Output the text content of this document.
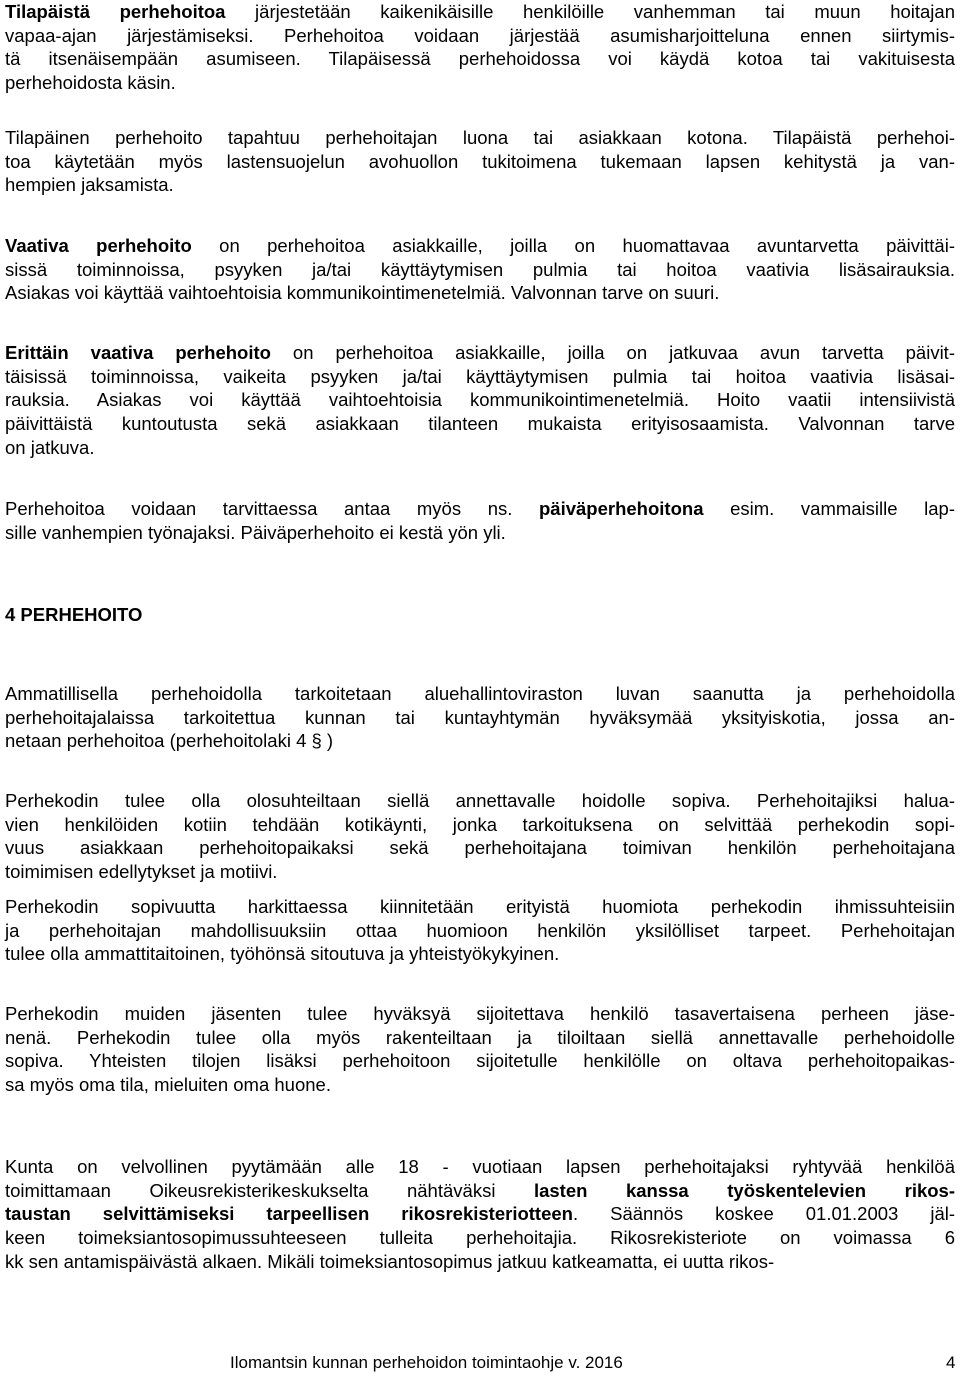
Tilapäistä perhehoitoa järjestetään kaikenikäisille henkilöille vanhemman tai muun hoitajan
vapaa-ajan järjestämiseksi. Perhehoitoa voidaan järjestää asumisharjoitteluna ennen siirtymis-
tä itsenäisempään asumiseen. Tilapäisessä perhehoidossa voi käydä kotoa tai vakituisesta
perhehoidosta käsin.
Tilapäinen perhehoito tapahtuu perhehoitajan luona tai asiakkaan kotona. Tilapäistä perhehoi-
toa käytetään myös lastensuojelun avohuollon tukitoimena tukemaan lapsen kehitystä ja van-
hempien jaksamista.
Vaativa perhehoito on perhehoitoa asiakkaille, joilla on huomattavaa avuntarvetta päivittäi-
sissä toiminnoissa, psyyken ja/tai käyttäytymisen pulmia tai hoitoa vaativia lisäsairauksia.
Asiakas voi käyttää vaihtoehtoisia kommunikointimenetelmiä. Valvonnan tarve on suuri.
Erittäin vaativa perhehoito on perhehoitoa asiakkaille, joilla on jatkuvaa avun tarvetta päivit-
täisissä toiminnoissa, vaikeita psyyken ja/tai käyttäytymisen pulmia tai hoitoa vaativia lisäsai-
rauksia. Asiakas voi käyttää vaihtoehtoisia kommunikointimenetelmiä. Hoito vaatii intensiivistä
päivittäistä kuntoutusta sekä asiakkaan tilanteen mukaista erityisosaamista. Valvonnan tarve
on jatkuva.
Perhehoitoa voidaan tarvittaessa antaa myös ns. päiväperhehoitona esim. vammaisille lap-
sille vanhempien työnajaksi. Päiväperhehoito ei kestä yön yli.
Ammatillisella perhehoidolla tarkoitetaan aluehallintoviraston luvan saanutta ja perhehoidolla
perhehoitajalaissa tarkoitettua kunnan tai kuntayhtymän hyväksymää yksityiskotia, jossa an-
netaan perhehoitoa (perhehoitolaki 4 § )
Perhekodin tulee olla olosuhteiltaan siellä annettavalle hoidolle sopiva. Perhehoitajiksi halua-
vien henkilöiden kotiin tehdään kotikäynti, jonka tarkoituksena on selvittää perhekodin sopi-
vuus asiakkaan perhehoitopaikaksi sekä perhehoitajana toimivan henkilön perhehoitajana
toimimisen edellytykset ja motiivi.
Perhekodin sopivuutta harkittaessa kiinnitetään erityistä huomiota perhekodin ihmissuhteisiin
ja perhehoitajan mahdollisuuksiin ottaa huomioon henkilön yksilölliset tarpeet. Perhehoitajan
tulee olla ammattitaitoinen, työhönsä sitoutuva ja yhteistyökykyinen.
Perhekodin muiden jäsenten tulee hyväksyä sijoitettava henkilö tasavertaisena perheen jäse-
nenä. Perhekodin tulee olla myös rakenteiltaan ja tiloiltaan siellä annettavalle perhehoidolle
sopiva. Yhteisten tilojen lisäksi perhehoitoon sijoitetulle henkilölle on oltava perhehoitopaikas-
sa myös oma tila, mieluiten oma huone.
Kunta on velvollinen pyytämään alle 18 - vuotiaan lapsen perhehoitajaksi ryhtyvää henkilöä
toimittamaan Oikeusrekisterikeskukselta nähtäväksi lasten kanssa työskentelevien rikos-
taustan selvittämiseksi tarpeellisen rikosrekisteriotteen. Säännös koskee 01.01.2003 jäl-
keen toimeksiantosopimussuhteeseen tulleita perhehoitajia. Rikosrekisteriote on voimassa 6
kk sen antamispäivästä alkaen. Mikäli toimeksiantosopimus jatkuu katkeamatta, ei uutta rikos-
4 PERHEHOITO
Ilomantsin kunnan perhehoidon toimintaohje v. 2016	4
